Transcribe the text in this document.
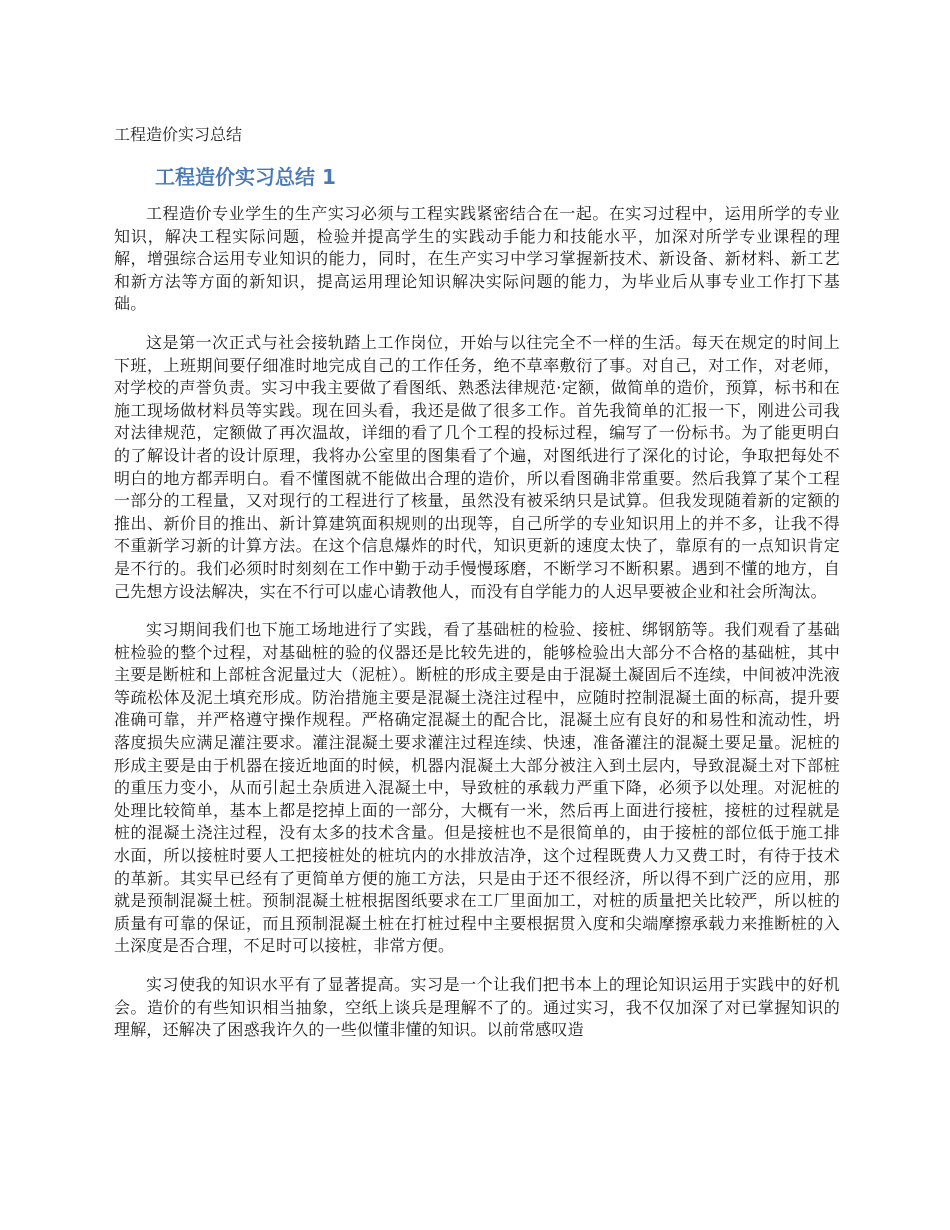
工程造价实习总结
工程造价实习总结 1

工程造价专业学生的生产实习必须与工程实践紧密结合在一起。在实习过程中，运用所学的专业知识，解决工程实际问题，检验并提高学生的实践动手能力和技能水平，加深对所学专业课程的理解，增强综合运用专业知识的能力，同时，在生产实习中学习掌握新技术、新设备、新材料、新工艺和新方法等方面的新知识，提高运用理论知识解决实际问题的能力，为毕业后从事专业工作打下基础。

这是第一次正式与社会接轨踏上工作岗位，开始与以往完全不一样的生活。每天在规定的时间上下班，上班期间要仔细准时地完成自己的工作任务，绝不草率敷衍了事。对自己，对工作，对老师，对学校的声誉负责。实习中我主要做了看图纸、熟悉法律规范·定额，做简单的造价，预算，标书和在施工现场做材料员等实践。现在回头看，我还是做了很多工作。首先我简单的汇报一下，刚进公司我对法律规范，定额做了再次温故，详细的看了几个工程的投标过程，编写了一份标书。为了能更明白的了解设计者的设计原理，我将办公室里的图集看了个遍，对图纸进行了深化的讨论，争取把每处不明白的地方都弄明白。看不懂图就不能做出合理的造价，所以看图确非常重要。然后我算了某个工程一部分的工程量，又对现行的工程进行了核量，虽然没有被采纳只是试算。但我发现随着新的定额的推出、新价目的推出、新计算建筑面积规则的出现等，自己所学的专业知识用上的并不多，让我不得不重新学习新的计算方法。在这个信息爆炸的时代，知识更新的速度太快了，靠原有的一点知识肯定是不行的。我们必须时时刻刻在工作中勤于动手慢慢琢磨，不断学习不断积累。遇到不懂的地方，自己先想方设法解决，实在不行可以虚心请教他人，而没有自学能力的人迟早要被企业和社会所淘汰。

实习期间我们也下施工场地进行了实践，看了基础桩的检验、接桩、绑钢筋等。我们观看了基础桩检验的整个过程，对基础桩的验的仪器还是比较先进的，能够检验出大部分不合格的基础桩，其中主要是断桩和上部桩含泥量过大（泥桩）。断桩的形成主要是由于混凝土凝固后不连续，中间被冲洗液等疏松体及泥土填充形成。防治措施主要是混凝土浇注过程中，应随时控制混凝土面的标高，提升要准确可靠，并严格遵守操作规程。严格确定混凝土的配合比，混凝土应有良好的和易性和流动性，坍落度损失应满足灌注要求。灌注混凝土要求灌注过程连续、快速，准备灌注的混凝土要足量。泥桩的形成主要是由于机器在接近地面的时候，机器内混凝土大部分被注入到土层内，导致混凝土对下部桩的重压力变小，从而引起土杂质进入混凝土中，导致桩的承载力严重下降，必须予以处理。对泥桩的处理比较简单，基本上都是挖掉上面的一部分，大概有一米，然后再上面进行接桩，接桩的过程就是桩的混凝土浇注过程，没有太多的技术含量。但是接桩也不是很简单的，由于接桩的部位低于施工排水面，所以接桩时要人工把接桩处的桩坑内的水排放洁净，这个过程既费人力又费工时，有待于技术的革新。其实早已经有了更简单方便的施工方法，只是由于还不很经济，所以得不到广泛的应用，那就是预制混凝土桩。预制混凝土桩根据图纸要求在工厂里面加工，对桩的质量把关比较严，所以桩的质量有可靠的保证，而且预制混凝土桩在打桩过程中主要根据贯入度和尖端摩擦承载力来推断桩的入土深度是否合理，不足时可以接桩，非常方便。

实习使我的知识水平有了显著提高。实习是一个让我们把书本上的理论知识运用于实践中的好机会。造价的有些知识相当抽象，空纸上谈兵是理解不了的。通过实习，我不仅加深了对已掌握知识的理解，还解决了困惑我许久的一些似懂非懂的知识。以前常感叹造
